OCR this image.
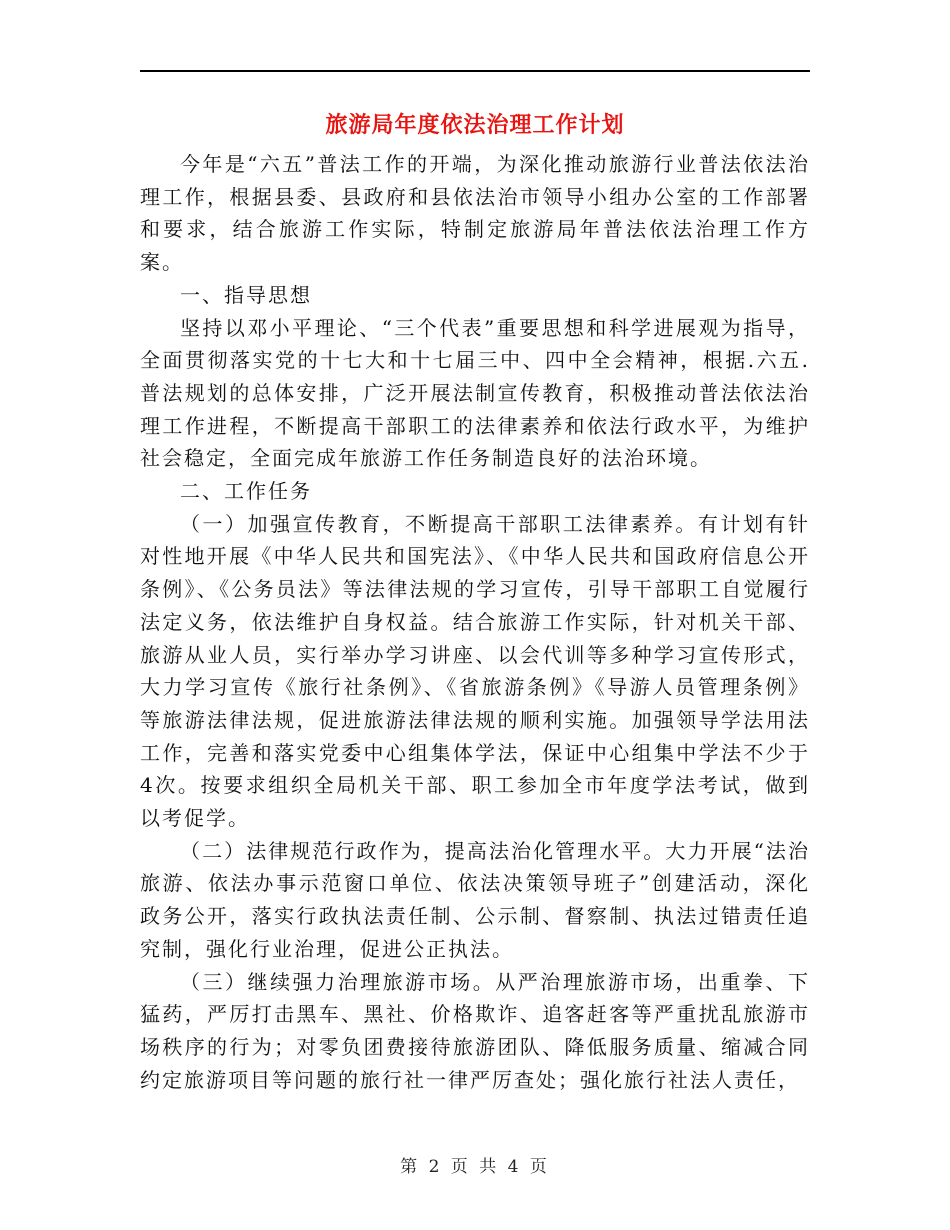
旅游局年度依法治理工作计划

今年是“六五”普法工作的开端，为深化推动旅游行业普法依法治理工作，根据县委、县政府和县依法治市领导小组办公室的工作部署和要求，结合旅游工作实际，特制定旅游局年普法依法治理工作方案。

一、指导思想

坚持以邓小平理论、“三个代表”重要思想和科学进展观为指导，全面贯彻落实党的十七大和十七届三中、四中全会精神，根据.六五.普法规划的总体安排，广泛开展法制宣传教育，积极推动普法依法治理工作进程，不断提高干部职工的法律素养和依法行政水平，为维护社会稳定，全面完成年旅游工作任务制造良好的法治环境。

二、工作任务

（一）加强宣传教育，不断提高干部职工法律素养。有计划有针对性地开展《中华人民共和国宪法》、《中华人民共和国政府信息公开条例》、《公务员法》等法律法规的学习宣传，引导干部职工自觉履行法定义务，依法维护自身权益。结合旅游工作实际，针对机关干部、旅游从业人员，实行举办学习讲座、以会代训等多种学习宣传形式，大力学习宣传《旅行社条例》、《省旅游条例》《导游人员管理条例》等旅游法律法规，促进旅游法律法规的顺利实施。加强领导学法用法工作，完善和落实党委中心组集体学法，保证中心组集中学法不少于4次。按要求组织全局机关干部、职工参加全市年度学法考试，做到以考促学。

（二）法律规范行政作为，提高法治化管理水平。大力开展“法治旅游、依法办事示范窗口单位、依法决策领导班子”创建活动，深化政务公开，落实行政执法责任制、公示制、督察制、执法过错责任追究制，强化行业治理，促进公正执法。

（三）继续强力治理旅游市场。从严治理旅游市场，出重拳、下猛药，严厉打击黑车、黑社、价格欺诈、追客赶客等严重扰乱旅游市场秩序的行为；对零负团费接待旅游团队、降低服务质量、缩减合同约定旅游项目等问题的旅行社一律严厉查处；强化旅行社法人责任，

第 2 页 共 4 页
